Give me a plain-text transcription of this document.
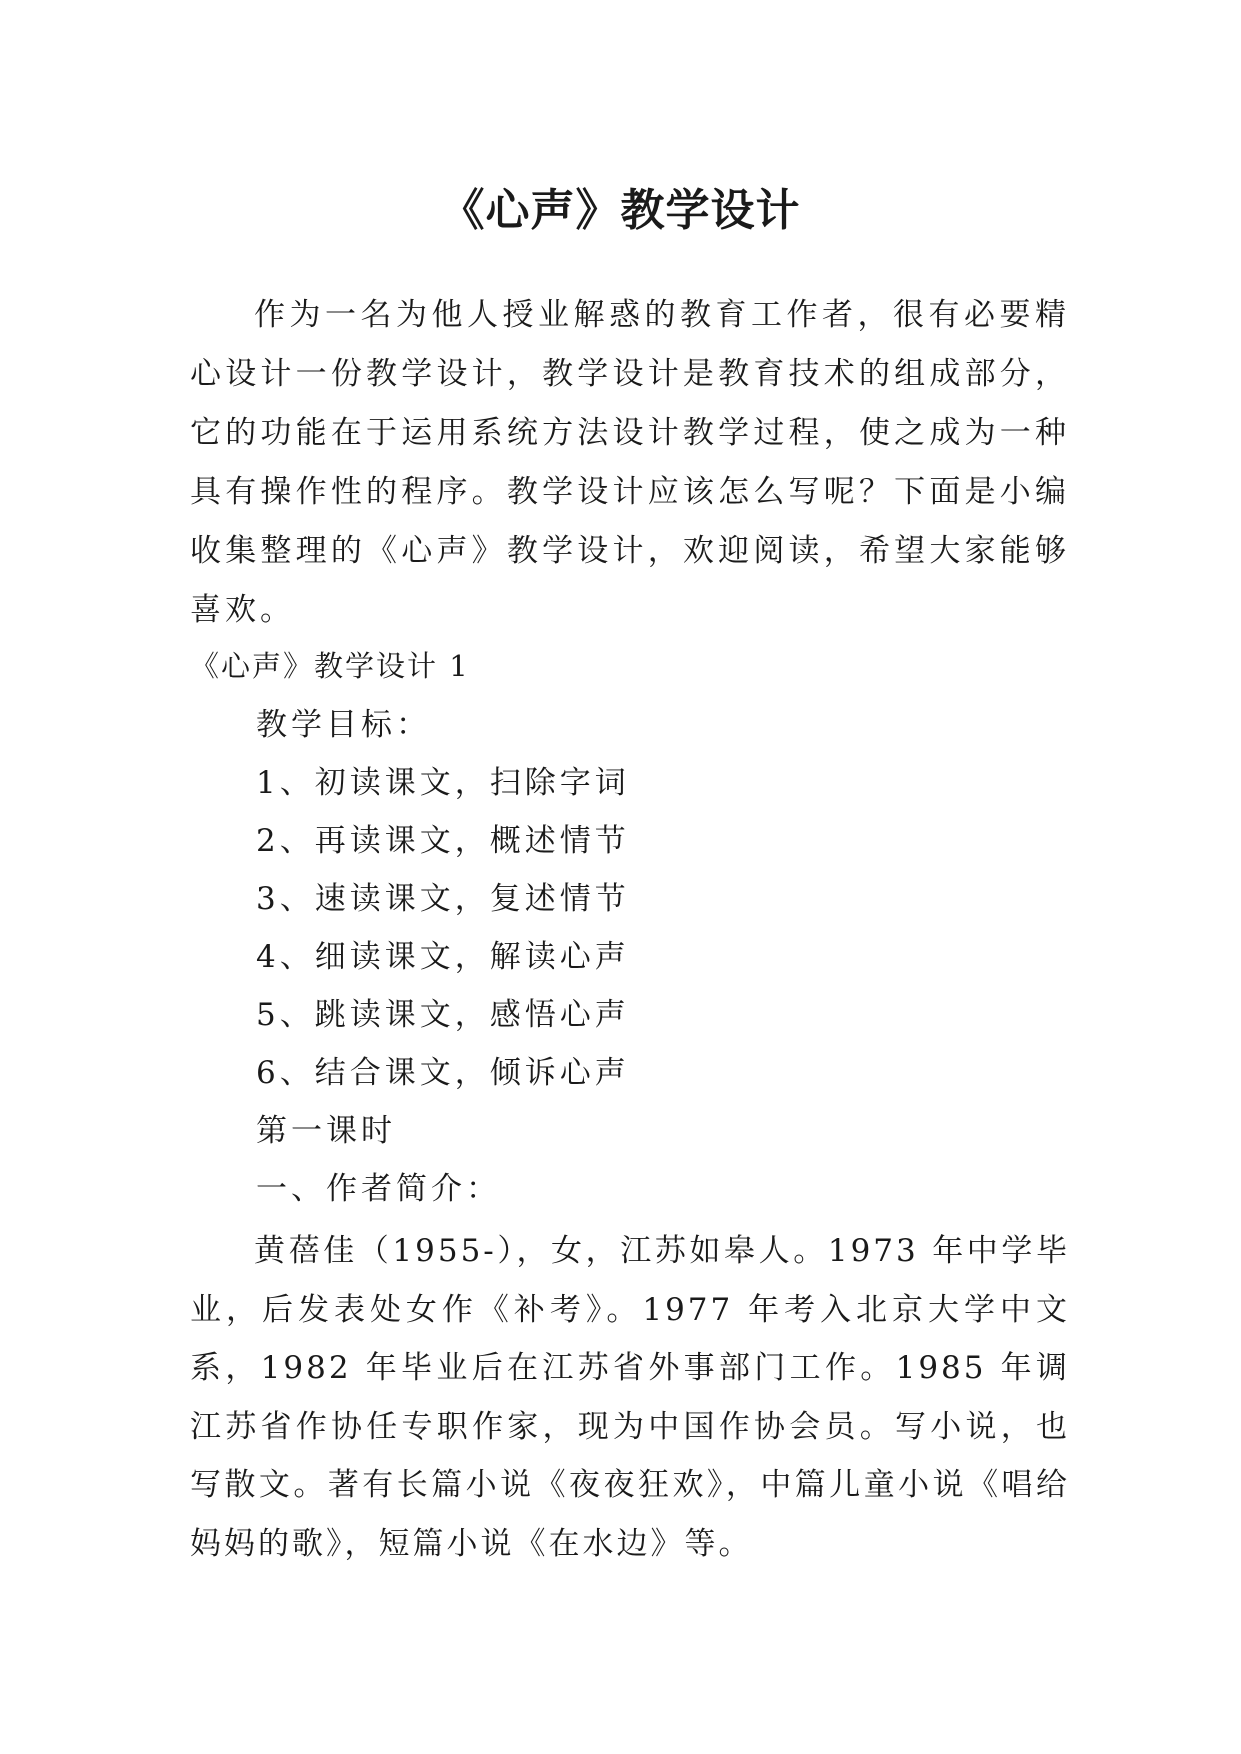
《心声》教学设计

作为一名为他人授业解惑的教育工作者，很有必要精心设计一份教学设计，教学设计是教育技术的组成部分，它的功能在于运用系统方法设计教学过程，使之成为一种具有操作性的程序。教学设计应该怎么写呢？下面是小编收集整理的《心声》教学设计，欢迎阅读，希望大家能够喜欢。

《心声》教学设计 1

教学目标：
1、初读课文，扫除字词
2、再读课文，概述情节
3、速读课文，复述情节
4、细读课文，解读心声
5、跳读课文，感悟心声
6、结合课文，倾诉心声
第一课时
一、作者简介：

黄蓓佳（1955-），女，江苏如皋人。1973 年中学毕业，后发表处女作《补考》。1977 年考入北京大学中文系，1982 年毕业后在江苏省外事部门工作。1985 年调江苏省作协任专职作家，现为中国作协会员。写小说，也写散文。著有长篇小说《夜夜狂欢》，中篇儿童小说《唱给妈妈的歌》，短篇小说《在水边》等。
